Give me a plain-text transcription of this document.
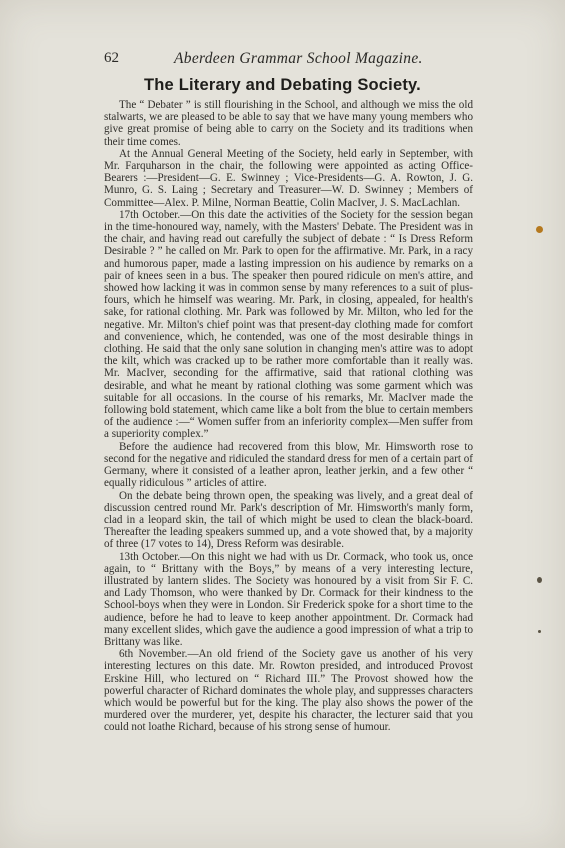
62	Aberdeen Grammar School Magazine.
The Literary and Debating Society.

The “ Debater ” is still flourishing in the School, and although we miss the old stalwarts, we are pleased to be able to say that we have many young members who give great promise of being able to carry on the Society and its traditions when their time comes.

At the Annual General Meeting of the Society, held early in September, with Mr. Farquharson in the chair, the following were appointed as acting Office-Bearers :—President—G. E. Swinney ; Vice-Presidents—G. A. Rowton, J. G. Munro, G. S. Laing ; Secretary and Treasurer—W. D. Swinney ; Members of Committee—Alex. P. Milne, Norman Beattie, Colin MacIver, J. S. MacLachlan.

17th October.—On this date the activities of the Society for the session began in the time-honoured way, namely, with the Masters' Debate. The President was in the chair, and having read out carefully the subject of debate : “ Is Dress Reform Desirable ? ” he called on Mr. Park to open for the affirmative. Mr. Park, in a racy and humorous paper, made a lasting impression on his audience by remarks on a pair of knees seen in a bus. The speaker then poured ridicule on men's attire, and showed how lacking it was in common sense by many references to a suit of plus-fours, which he himself was wearing. Mr. Park, in closing, appealed, for health's sake, for rational clothing. Mr. Park was followed by Mr. Milton, who led for the negative. Mr. Milton's chief point was that present-day clothing made for comfort and convenience, which, he contended, was one of the most desirable things in clothing. He said that the only sane solution in changing men's attire was to adopt the kilt, which was cracked up to be rather more comfortable than it really was. Mr. MacIver, seconding for the affirmative, said that rational clothing was desirable, and what he meant by rational clothing was some garment which was suitable for all occasions. In the course of his remarks, Mr. MacIver made the following bold statement, which came like a bolt from the blue to certain members of the audience :—“ Women suffer from an inferiority complex—Men suffer from a superiority complex.”

Before the audience had recovered from this blow, Mr. Himsworth rose to second for the negative and ridiculed the standard dress for men of a certain part of Germany, where it consisted of a leather apron, leather jerkin, and a few other “ equally ridiculous ” articles of attire.

On the debate being thrown open, the speaking was lively, and a great deal of discussion centred round Mr. Park's description of Mr. Himsworth's manly form, clad in a leopard skin, the tail of which might be used to clean the black-board. Thereafter the leading speakers summed up, and a vote showed that, by a majority of three (17 votes to 14), Dress Reform was desirable.

13th October.—On this night we had with us Dr. Cormack, who took us, once again, to “ Brittany with the Boys,” by means of a very interesting lecture, illustrated by lantern slides. The Society was honoured by a visit from Sir F. C. and Lady Thomson, who were thanked by Dr. Cormack for their kindness to the School-boys when they were in London. Sir Frederick spoke for a short time to the audience, before he had to leave to keep another appointment. Dr. Cormack had many excellent slides, which gave the audience a good impression of what a trip to Brittany was like.

6th November.—An old friend of the Society gave us another of his very interesting lectures on this date. Mr. Rowton presided, and introduced Provost Erskine Hill, who lectured on “ Richard III.” The Provost showed how the powerful character of Richard dominates the whole play, and suppresses characters which would be powerful but for the king. The play also shows the power of the murdered over the murderer, yet, despite his character, the lecturer said that you could not loathe Richard, because of his strong sense of humour.
